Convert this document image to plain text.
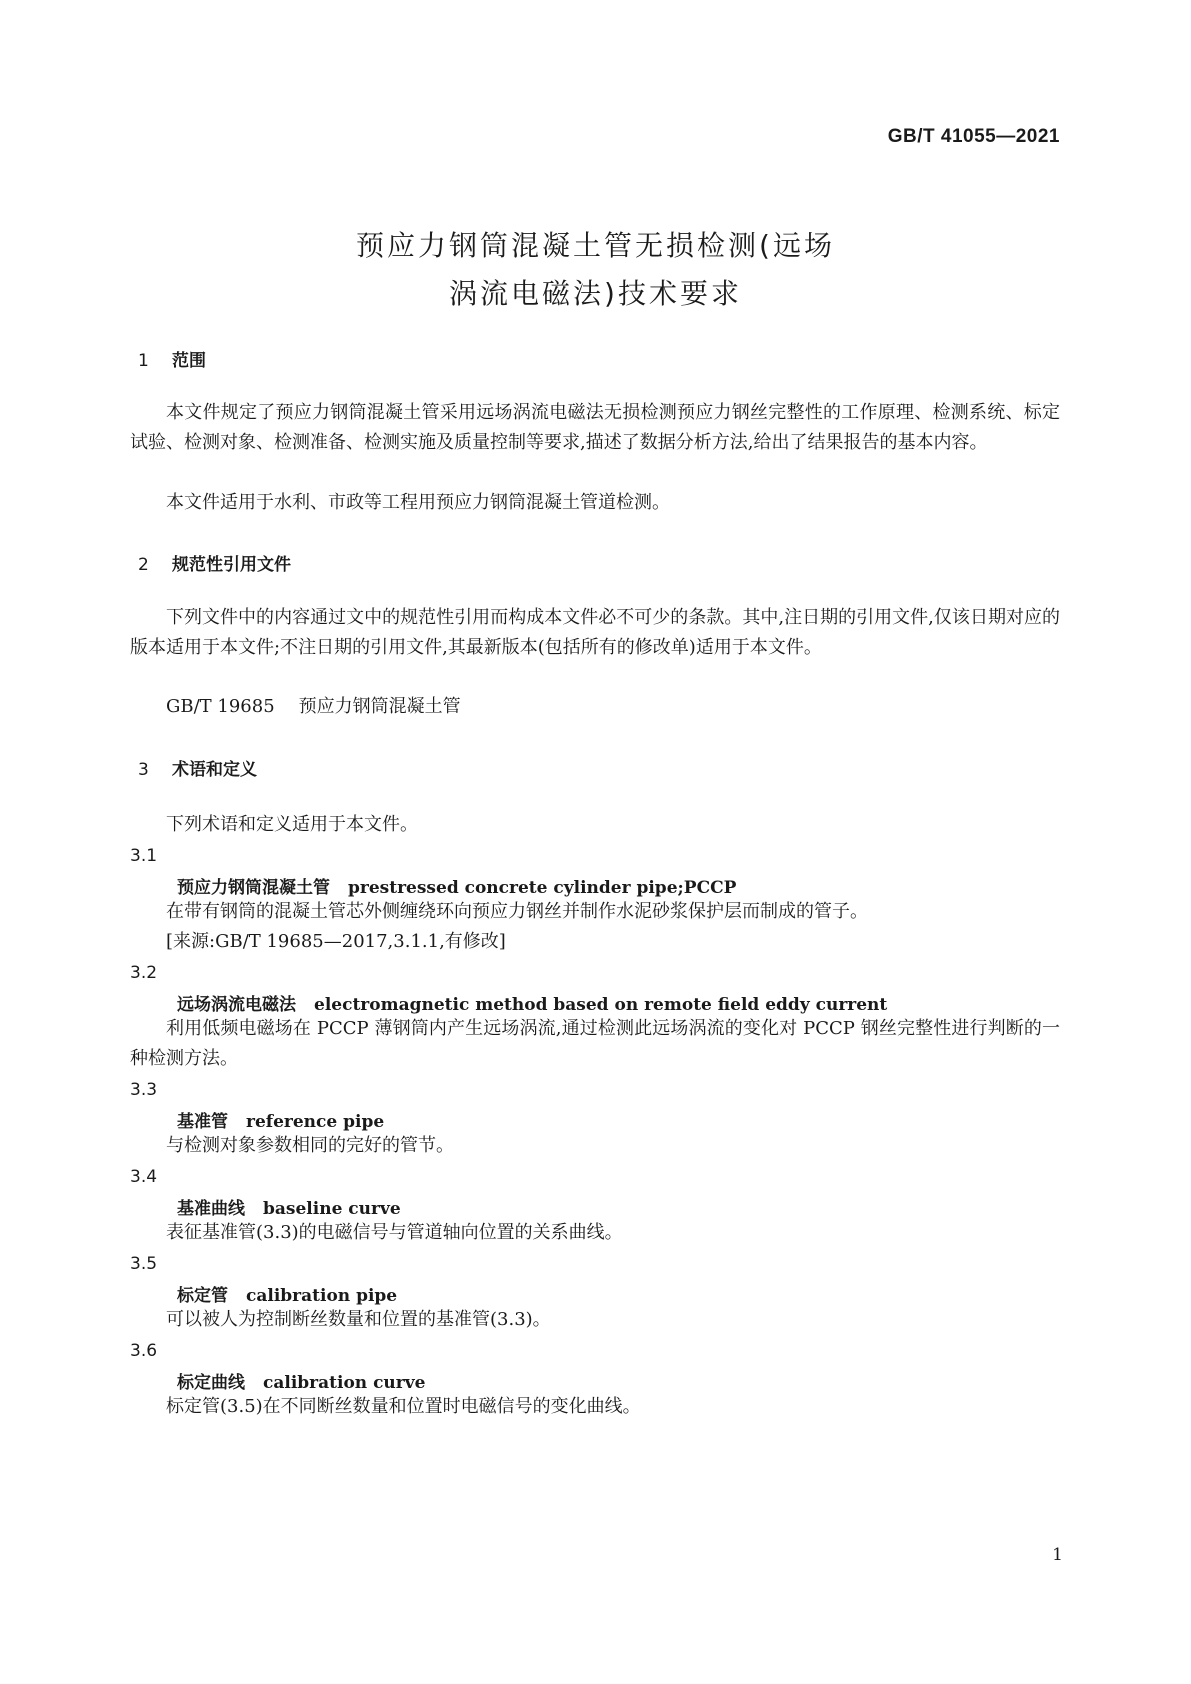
GB/T 41055—2021
预应力钢筒混凝土管无损检测(远场
涡流电磁法)技术要求
1 范围
本文件规定了预应力钢筒混凝土管采用远场涡流电磁法无损检测预应力钢丝完整性的工作原理、检测系统、标定试验、检测对象、检测准备、检测实施及质量控制等要求,描述了数据分析方法,给出了结果报告的基本内容。
本文件适用于水利、市政等工程用预应力钢筒混凝土管道检测。
2 规范性引用文件
下列文件中的内容通过文中的规范性引用而构成本文件必不可少的条款。其中,注日期的引用文件,仅该日期对应的版本适用于本文件;不注日期的引用文件,其最新版本(包括所有的修改单)适用于本文件。
GB/T 19685 预应力钢筒混凝土管
3 术语和定义
下列术语和定义适用于本文件。
3.1
预应力钢筒混凝土管 prestressed concrete cylinder pipe;PCCP
在带有钢筒的混凝土管芯外侧缠绕环向预应力钢丝并制作水泥砂浆保护层而制成的管子。
[来源:GB/T 19685—2017,3.1.1,有修改]
3.2
远场涡流电磁法 electromagnetic method based on remote field eddy current
利用低频电磁场在 PCCP 薄钢筒内产生远场涡流,通过检测此远场涡流的变化对 PCCP 钢丝完整性进行判断的一种检测方法。
3.3
基准管 reference pipe
与检测对象参数相同的完好的管节。
3.4
基准曲线 baseline curve
表征基准管(3.3)的电磁信号与管道轴向位置的关系曲线。
3.5
标定管 calibration pipe
可以被人为控制断丝数量和位置的基准管(3.3)。
3.6
标定曲线 calibration curve
标定管(3.5)在不同断丝数量和位置时电磁信号的变化曲线。
1
